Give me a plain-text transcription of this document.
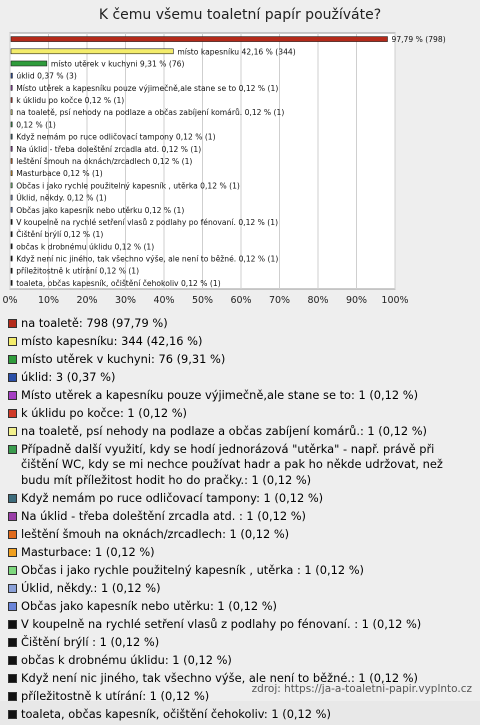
K čemu všemu toaletní papír používáte?
0% 10% 20% 30% 40% 50% 60% 70% 80% 90% 100%
97,79 % (798)
místo kapesníku 42,16 % (344)
místo utěrek v kuchyni 9,31 % (76)
úklid 0,37 % (3)
Místo utěrek a kapesníku pouze výjimečně,ale stane se to 0,12 % (1)
k úklidu po kočce 0,12 % (1)
na toaletě, psí nehody na podlaze a občas zabíjení komárů. 0,12 % (1)
0,12 % (1)
Když nemám po ruce odličovací tampony 0,12 % (1)
Na úklid - třeba doleštění zrcadla atd. 0,12 % (1)
leštění šmouh na oknách/zrcadlech 0,12 % (1)
Masturbace 0,12 % (1)
Občas i jako rychle použitelný kapesník , utěrka 0,12 % (1)
Úklid, někdy. 0,12 % (1)
Občas jako kapesník nebo utěrku 0,12 % (1)
V koupelně na rychlé setření vlasů z podlahy po fénovaní. 0,12 % (1)
Čištění brýlí 0,12 % (1)
občas k drobnému úklidu 0,12 % (1)
Když není nic jiného, tak všechno výše, ale není to běžné. 0,12 % (1)
příležitostně k utírání 0,12 % (1)
toaleta, občas kapesník, očištění čehokoliv 0,12 % (1)
na toaletě: 798 (97,79 %)
místo kapesníku: 344 (42,16 %)
místo utěrek v kuchyni: 76 (9,31 %)
úklid: 3 (0,37 %)
Místo utěrek a kapesníku pouze výjimečně,ale stane se to: 1 (0,12 %)
k úklidu po kočce: 1 (0,12 %)
na toaletě, psí nehody na podlaze a občas zabíjení komárů.: 1 (0,12 %)
Případně další využití, kdy se hodí jednorázová "utěrka" - např. právě při čištění WC, kdy se mi nechce používat hadr a pak ho někde udržovat, než budu mít příležitost hodit ho do pračky.: 1 (0,12 %)
Když nemám po ruce odličovací tampony: 1 (0,12 %)
Na úklid - třeba doleštění zrcadla atd. : 1 (0,12 %)
leštění šmouh na oknách/zrcadlech: 1 (0,12 %)
Masturbace: 1 (0,12 %)
Občas i jako rychle použitelný kapesník , utěrka : 1 (0,12 %)
Úklid, někdy.: 1 (0,12 %)
Občas jako kapesník nebo utěrku: 1 (0,12 %)
V koupelně na rychlé setření vlasů z podlahy po fénovaní. : 1 (0,12 %)
Čištění brýlí : 1 (0,12 %)
občas k drobnému úklidu: 1 (0,12 %)
Když není nic jiného, tak všechno výše, ale není to běžné.: 1 (0,12 %)
příležitostně k utírání: 1 (0,12 %)
toaleta, občas kapesník, očištění čehokoliv: 1 (0,12 %)
zdroj: https://ja-a-toaletni-papir.vyplnto.cz
